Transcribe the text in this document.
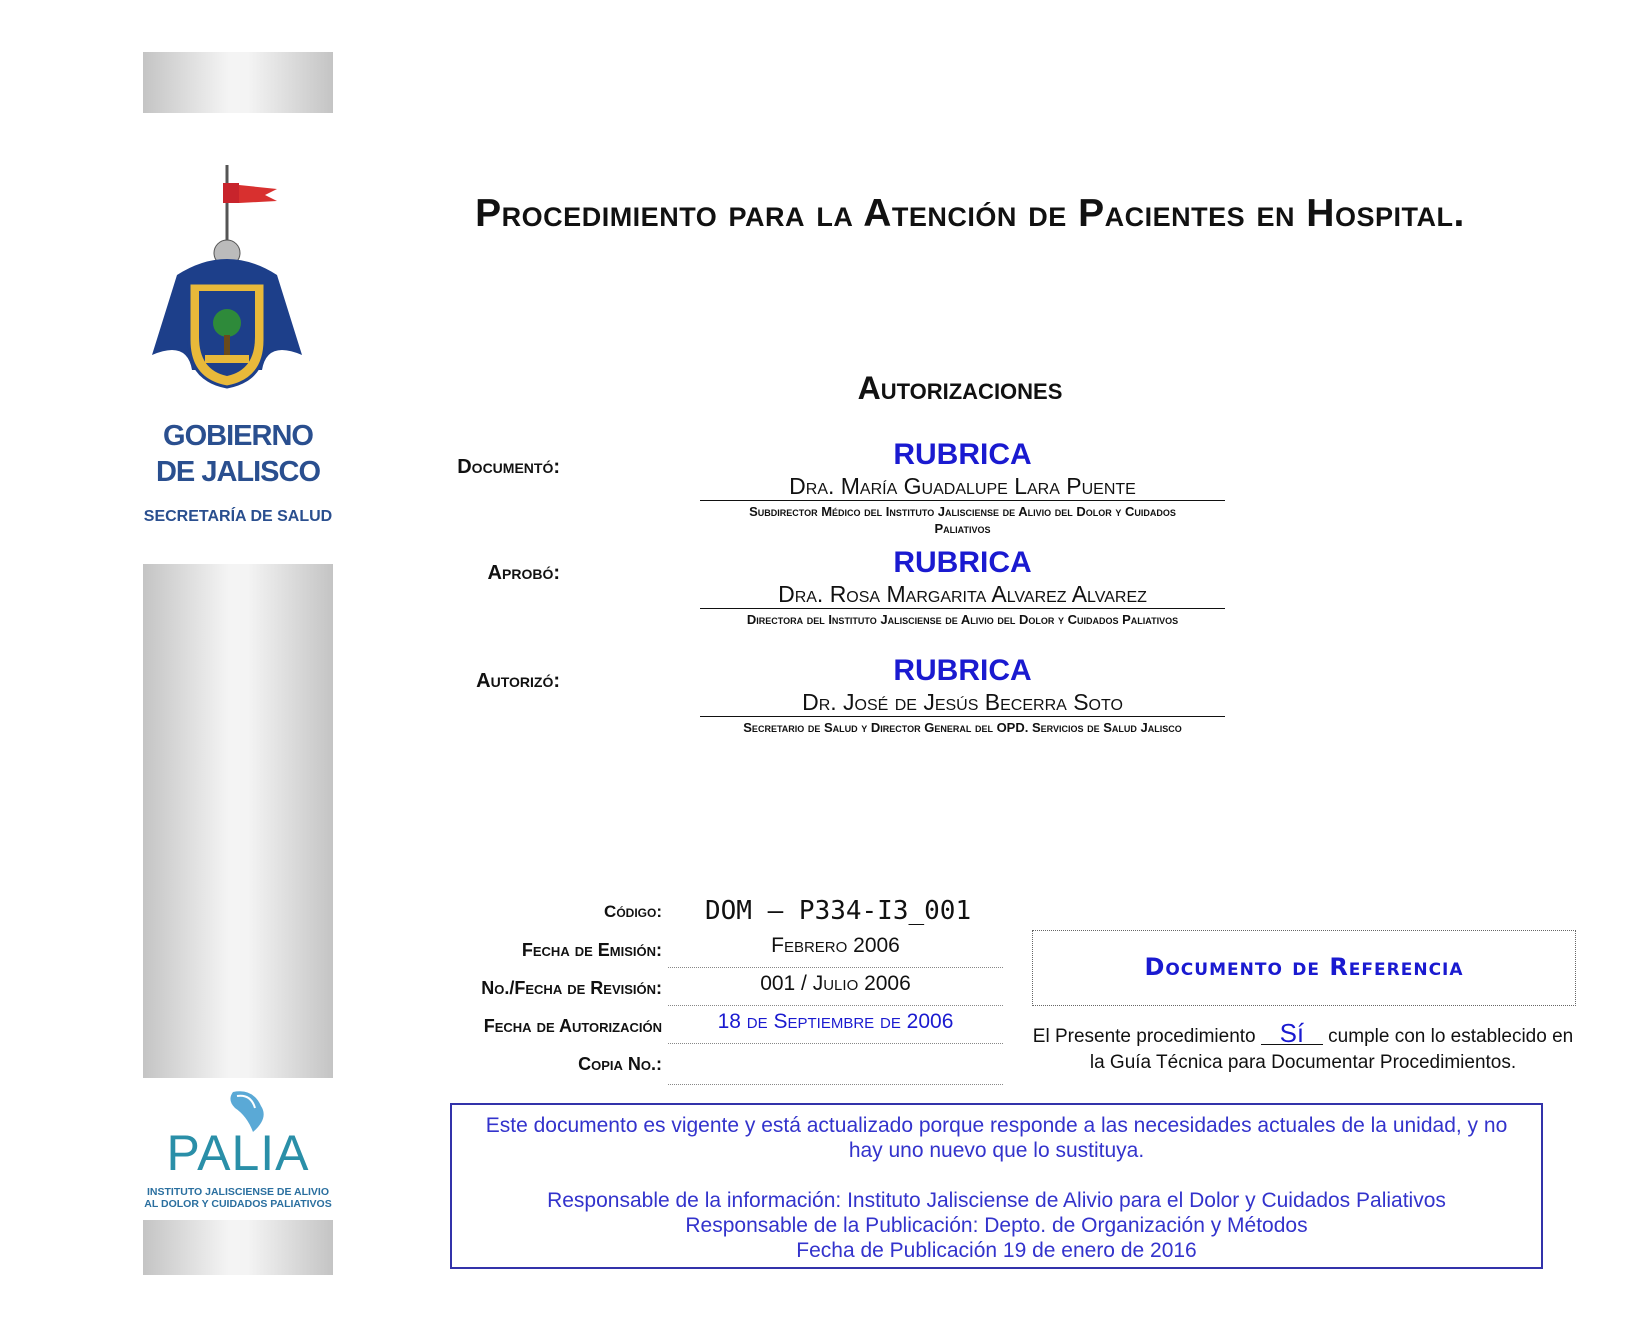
GOBIERNO
DE JALISCO
SECRETARÍA DE SALUD
PALIA
INSTITUTO JALISCIENSE DE ALIVIO
AL DOLOR Y CUIDADOS PALIATIVOS
Procedimiento para la Atención de Pacientes en Hospital.
Autorizaciones
Documentó:	RUBRICA
Dra. María Guadalupe Lara Puente
Subdirector Médico del Instituto Jalisciense de Alivio del Dolor y Cuidados Paliativos
Aprobó:	RUBRICA
Dra. Rosa Margarita Alvarez Alvarez
Directora del Instituto Jalisciense de Alivio del Dolor y Cuidados Paliativos
Autorizó:	RUBRICA
Dr. José de Jesús Becerra Soto
Secretario de Salud y Director General del OPD. Servicios de Salud Jalisco
Código: DOM – P334-I3_001
Fecha de Emisión:	Febrero 2006
No./Fecha de Revisión:	001 / Julio 2006
Fecha de Autorización	18 de Septiembre de 2006
Copia No.:
Documento de Referencia
El Presente procedimiento Sí cumple con lo establecido en la Guía Técnica para Documentar Procedimientos.

Este documento es vigente y está actualizado porque responde a las necesidades actuales de la unidad, y no hay uno nuevo que lo sustituya.

Responsable de la información: Instituto Jalisciense de Alivio para el Dolor y Cuidados Paliativos

Responsable de la Publicación: Depto. de Organización y Métodos

Fecha de Publicación 19 de enero de 2016
